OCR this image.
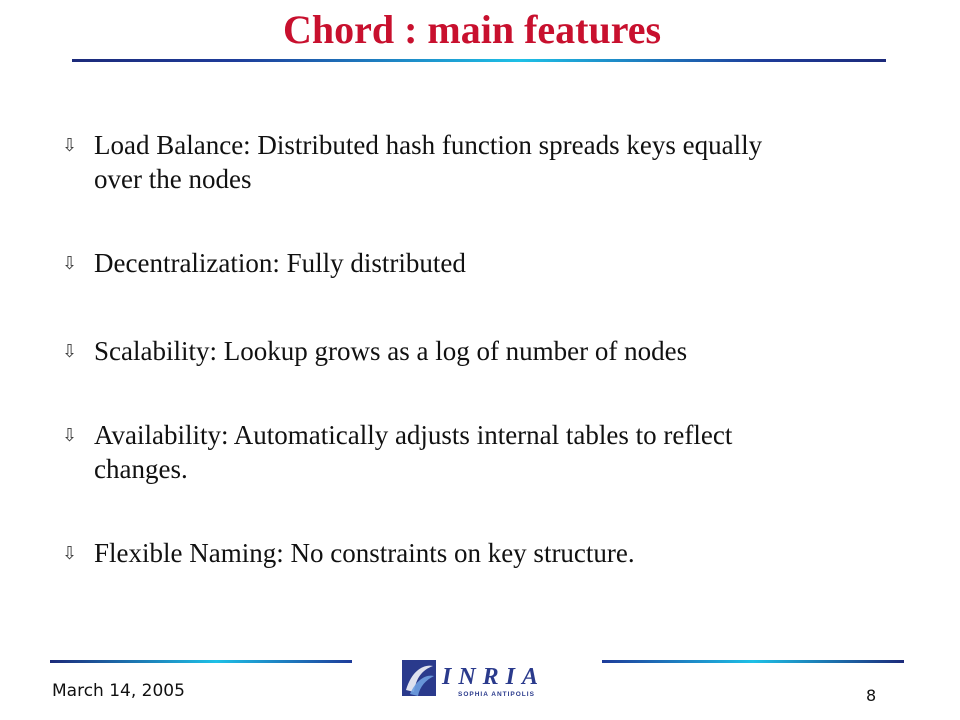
Chord : main features
⇩ Load Balance: Distributed hash function spreads keys equally
over the nodes
⇩ Decentralization: Fully distributed
⇩ Scalability: Lookup grows as a log of number of nodes
⇩ Availability: Automatically adjusts internal tables to reflect
changes.
⇩ Flexible Naming: No constraints on key structure.
March 14, 2005
INRIA
SOPHIA ANTIPOLIS	8
